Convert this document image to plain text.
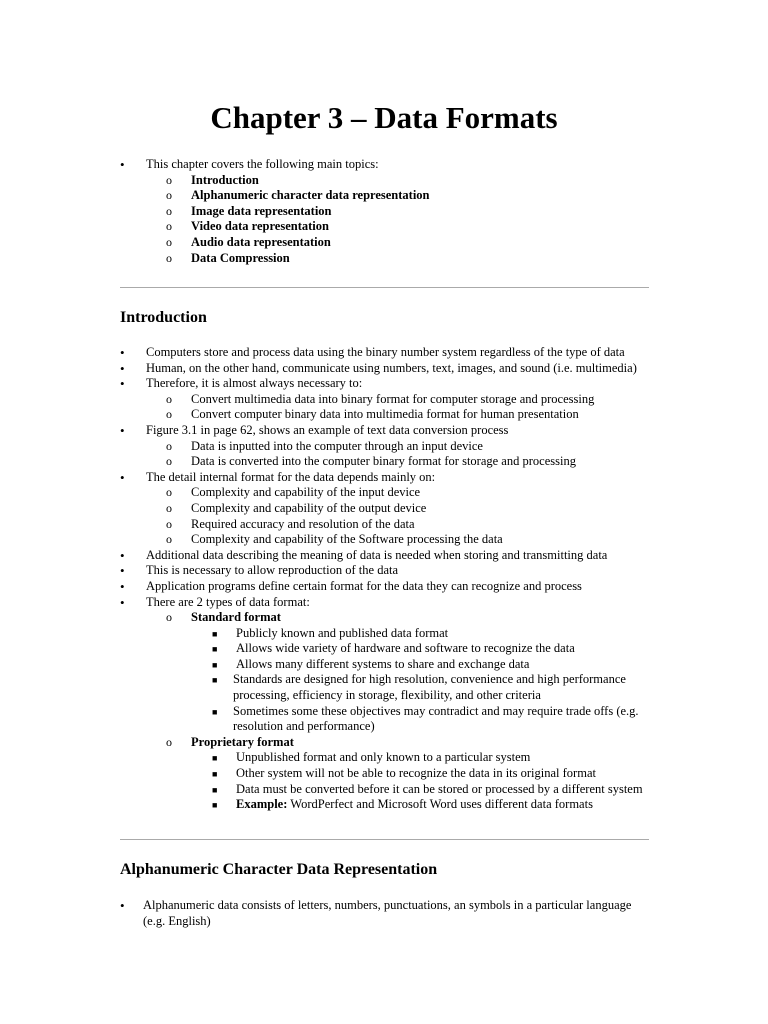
Chapter 3 – Data Formats
• This chapter covers the following main topics:
o Introduction
o Alphanumeric character data representation
o Image data representation
o Video data representation
o Audio data representation
o Data Compression
Introduction
• Computers store and process data using the binary number system regardless of the type of data
• Human, on the other hand, communicate using numbers, text, images, and sound (i.e. multimedia)
• Therefore, it is almost always necessary to:
o Convert multimedia data into binary format for computer storage and processing
o Convert computer binary data into multimedia format for human presentation
• Figure 3.1 in page 62, shows an example of text data conversion process
o Data is inputted into the computer through an input device
o Data is converted into the computer binary format for storage and processing
• The detail internal format for the data depends mainly on:
o Complexity and capability of the input device
o Complexity and capability of the output device
o Required accuracy and resolution of the data
o Complexity and capability of the Software processing the data
• Additional data describing the meaning of data is needed when storing and transmitting data
• This is necessary to allow reproduction of the data
• Application programs define certain format for the data they can recognize and process
• There are 2 types of data format:
o Standard format
■ Publicly known and published data format
■ Allows wide variety of hardware and software to recognize the data
■ Allows many different systems to share and exchange data
■ Standards are designed for high resolution, convenience and high performance processing, efficiency in storage, flexibility, and other criteria
■ Sometimes some these objectives may contradict and may require trade offs (e.g. resolution and performance)
o Proprietary format
■ Unpublished format and only known to a particular system
■ Other system will not be able to recognize the data in its original format
■ Data must be converted before it can be stored or processed by a different system
■ Example: WordPerfect and Microsoft Word uses different data formats
Alphanumeric Character Data Representation
• Alphanumeric data consists of letters, numbers, punctuations, an symbols in a particular language (e.g. English)
